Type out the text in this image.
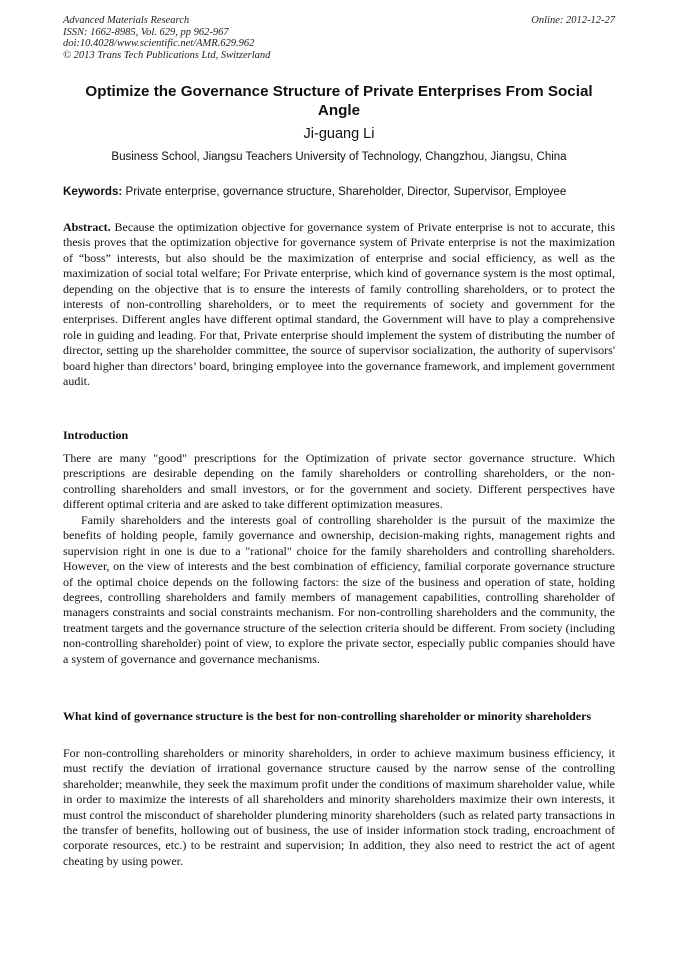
Advanced Materials Research
ISSN: 1662-8985, Vol. 629, pp 962-967
doi:10.4028/www.scientific.net/AMR.629.962
© 2013 Trans Tech Publications Ltd, Switzerland
Online: 2012-12-27
Optimize the Governance Structure of Private Enterprises From Social Angle
Ji-guang Li
Business School, Jiangsu Teachers University of Technology, Changzhou, Jiangsu, China
Keywords: Private enterprise, governance structure, Shareholder, Director, Supervisor, Employee
Abstract. Because the optimization objective for governance system of Private enterprise is not to accurate, this thesis proves that the optimization objective for governance system of Private enterprise is not the maximization of “boss” interests, but also should be the maximization of enterprise and social efficiency, as well as the maximization of social total welfare; For Private enterprise, which kind of governance system is the most optimal, depending on the objective that is to ensure the interests of family controlling shareholders, or to protect the interests of non-controlling shareholders, or to meet the requirements of society and government for the enterprises. Different angles have different optimal standard, the Government will have to play a comprehensive role in guiding and leading. For that, Private enterprise should implement the system of distributing the number of director, setting up the shareholder committee, the source of supervisor socialization, the authority of supervisors' board higher than directors’ board, bringing employee into the governance framework, and implement government audit.
Introduction
There are many "good" prescriptions for the Optimization of private sector governance structure. Which prescriptions are desirable depending on the family shareholders or controlling shareholders, or the non-controlling shareholders and small investors, or for the government and society. Different perspectives have different optimal criteria and are asked to take different optimization measures.
Family shareholders and the interests goal of controlling shareholder is the pursuit of the maximize the benefits of holding people, family governance and ownership, decision-making rights, management rights and supervision right in one is due to a "rational" choice for the family shareholders and controlling shareholders. However, on the view of interests and the best combination of efficiency, familial corporate governance structure of the optimal choice depends on the following factors: the size of the business and operation of state, holding degrees, controlling shareholders and family members of management capabilities, controlling shareholder of managers constraints and social constraints mechanism. For non-controlling shareholders and the community, the treatment targets and the governance structure of the selection criteria should be different. From society (including non-controlling shareholder) point of view, to explore the private sector, especially public companies should have a system of governance and governance mechanisms.
What kind of governance structure is the best for non-controlling shareholder or minority shareholders
For non-controlling shareholders or minority shareholders, in order to achieve maximum business efficiency, it must rectify the deviation of irrational governance structure caused by the narrow sense of the controlling shareholder; meanwhile, they seek the maximum profit under the conditions of maximum shareholder value, while in order to maximize the interests of all shareholders and minority shareholders maximize their own interests, it must control the misconduct of shareholder plundering minority shareholders (such as related party transactions in the transfer of benefits, hollowing out of business, the use of insider information stock trading, encroachment of corporate resources, etc.) to be restraint and supervision; In addition, they also need to restrict the act of agent cheating by using power.
